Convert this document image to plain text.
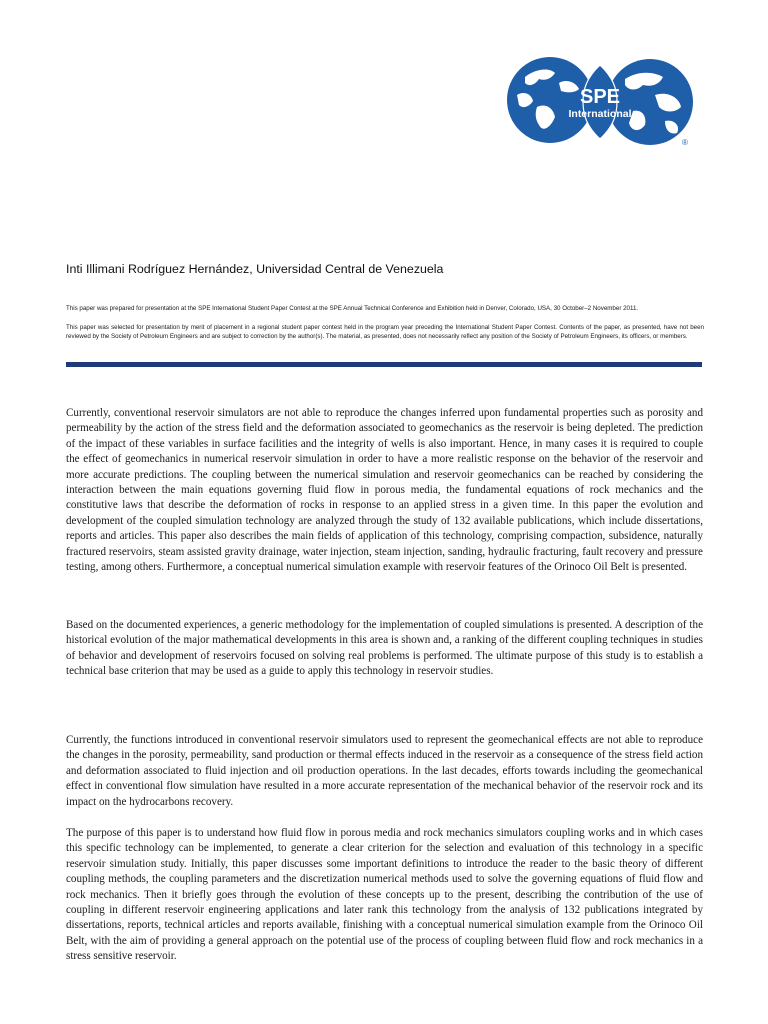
SPE
International
®

Inti Illimani Rodríguez Hernández, Universidad Central de Venezuela

This paper was prepared for presentation at the SPE International Student Paper Contest at the SPE Annual Technical Conference and Exhibition held in Denver, Colorado, USA, 30 October–2 November 2011.

This paper was selected for presentation by merit of placement in a regional student paper contest held in the program year preceding the International Student Paper Contest. Contents of the paper, as presented, have not been reviewed by the Society of Petroleum Engineers and are subject to correction by the author(s). The material, as presented, does not necessarily reflect any position of the Society of Petroleum Engineers, its officers, or members.

Currently, conventional reservoir simulators are not able to reproduce the changes inferred upon fundamental properties such as porosity and permeability by the action of the stress field and the deformation associated to geomechanics as the reservoir is being depleted. The prediction of the impact of these variables in surface facilities and the integrity of wells is also important. Hence, in many cases it is required to couple the effect of geomechanics in numerical reservoir simulation in order to have a more realistic response on the behavior of the reservoir and more accurate predictions. The coupling between the numerical simulation and reservoir geomechanics can be reached by considering the interaction between the main equations governing fluid flow in porous media, the fundamental equations of rock mechanics and the constitutive laws that describe the deformation of rocks in response to an applied stress in a given time. In this paper the evolution and development of the coupled simulation technology are analyzed through the study of 132 available publications, which include dissertations, reports and articles. This paper also describes the main fields of application of this technology, comprising compaction, subsidence, naturally fractured reservoirs, steam assisted gravity drainage, water injection, steam injection, sanding, hydraulic fracturing, fault recovery and pressure testing, among others. Furthermore, a conceptual numerical simulation example with reservoir features of the Orinoco Oil Belt is presented.

Based on the documented experiences, a generic methodology for the implementation of coupled simulations is presented. A description of the historical evolution of the major mathematical developments in this area is shown and, a ranking of the different coupling techniques in studies of behavior and development of reservoirs focused on solving real problems is performed. The ultimate purpose of this study is to establish a technical base criterion that may be used as a guide to apply this technology in reservoir studies.

Currently, the functions introduced in conventional reservoir simulators used to represent the geomechanical effects are not able to reproduce the changes in the porosity, permeability, sand production or thermal effects induced in the reservoir as a consequence of the stress field action and deformation associated to fluid injection and oil production operations. In the last decades, efforts towards including the geomechanical effect in conventional flow simulation have resulted in a more accurate representation of the mechanical behavior of the reservoir rock and its impact on the hydrocarbons recovery.

The purpose of this paper is to understand how fluid flow in porous media and rock mechanics simulators coupling works and in which cases this specific technology can be implemented, to generate a clear criterion for the selection and evaluation of this technology in a specific reservoir simulation study. Initially, this paper discusses some important definitions to introduce the reader to the basic theory of different coupling methods, the coupling parameters and the discretization numerical methods used to solve the governing equations of fluid flow and rock mechanics. Then it briefly goes through the evolution of these concepts up to the present, describing the contribution of the use of coupling in different reservoir engineering applications and later rank this technology from the analysis of 132 publications integrated by dissertations, reports, technical articles and reports available, finishing with a conceptual numerical simulation example from the Orinoco Oil Belt, with the aim of providing a general approach on the potential use of the process of coupling between fluid flow and rock mechanics in a stress sensitive reservoir.
